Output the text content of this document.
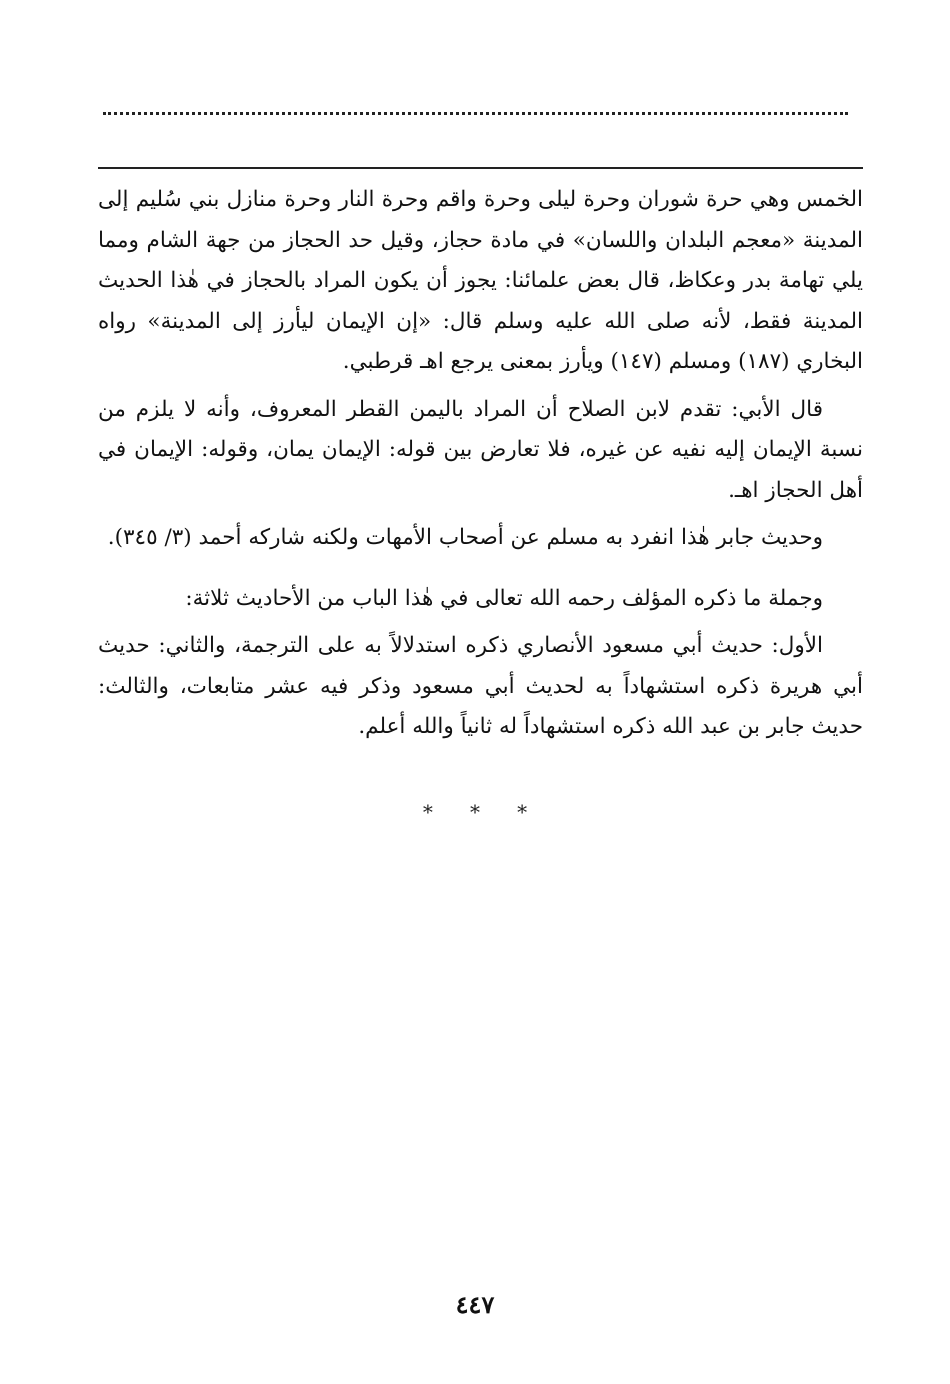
الخمس وهي حرة شوران وحرة ليلى وحرة واقم وحرة النار وحرة منازل بني سُليم إلى المدينة «معجم البلدان واللسان» في مادة حجاز، وقيل حد الحجاز من جهة الشام ومما يلي تهامة بدر وعكاظ، قال بعض علمائنا: يجوز أن يكون المراد بالحجاز في هٰذا الحديث المدينة فقط، لأنه صلى الله عليه وسلم قال: «إن الإيمان ليأرز إلى المدينة» رواه البخاري (١٨٧) ومسلم (١٤٧) ويأرز بمعنى يرجع اهـ قرطبي.

قال الأبي: تقدم لابن الصلاح أن المراد باليمن القطر المعروف، وأنه لا يلزم من نسبة الإيمان إليه نفيه عن غيره، فلا تعارض بين قوله: الإيمان يمان، وقوله: الإيمان في أهل الحجاز اهـ.

وحديث جابر هٰذا انفرد به مسلم عن أصحاب الأمهات ولكنه شاركه أحمد (٣/ ٣٤٥).

وجملة ما ذكره المؤلف رحمه الله تعالى في هٰذا الباب من الأحاديث ثلاثة:

الأول: حديث أبي مسعود الأنصاري ذكره استدلالاً به على الترجمة، والثاني: حديث أبي هريرة ذكره استشهاداً به لحديث أبي مسعود وذكر فيه عشر متابعات، والثالث: حديث جابر بن عبد الله ذكره استشهاداً له ثانياً والله أعلم.

* * *
٤٤٧
